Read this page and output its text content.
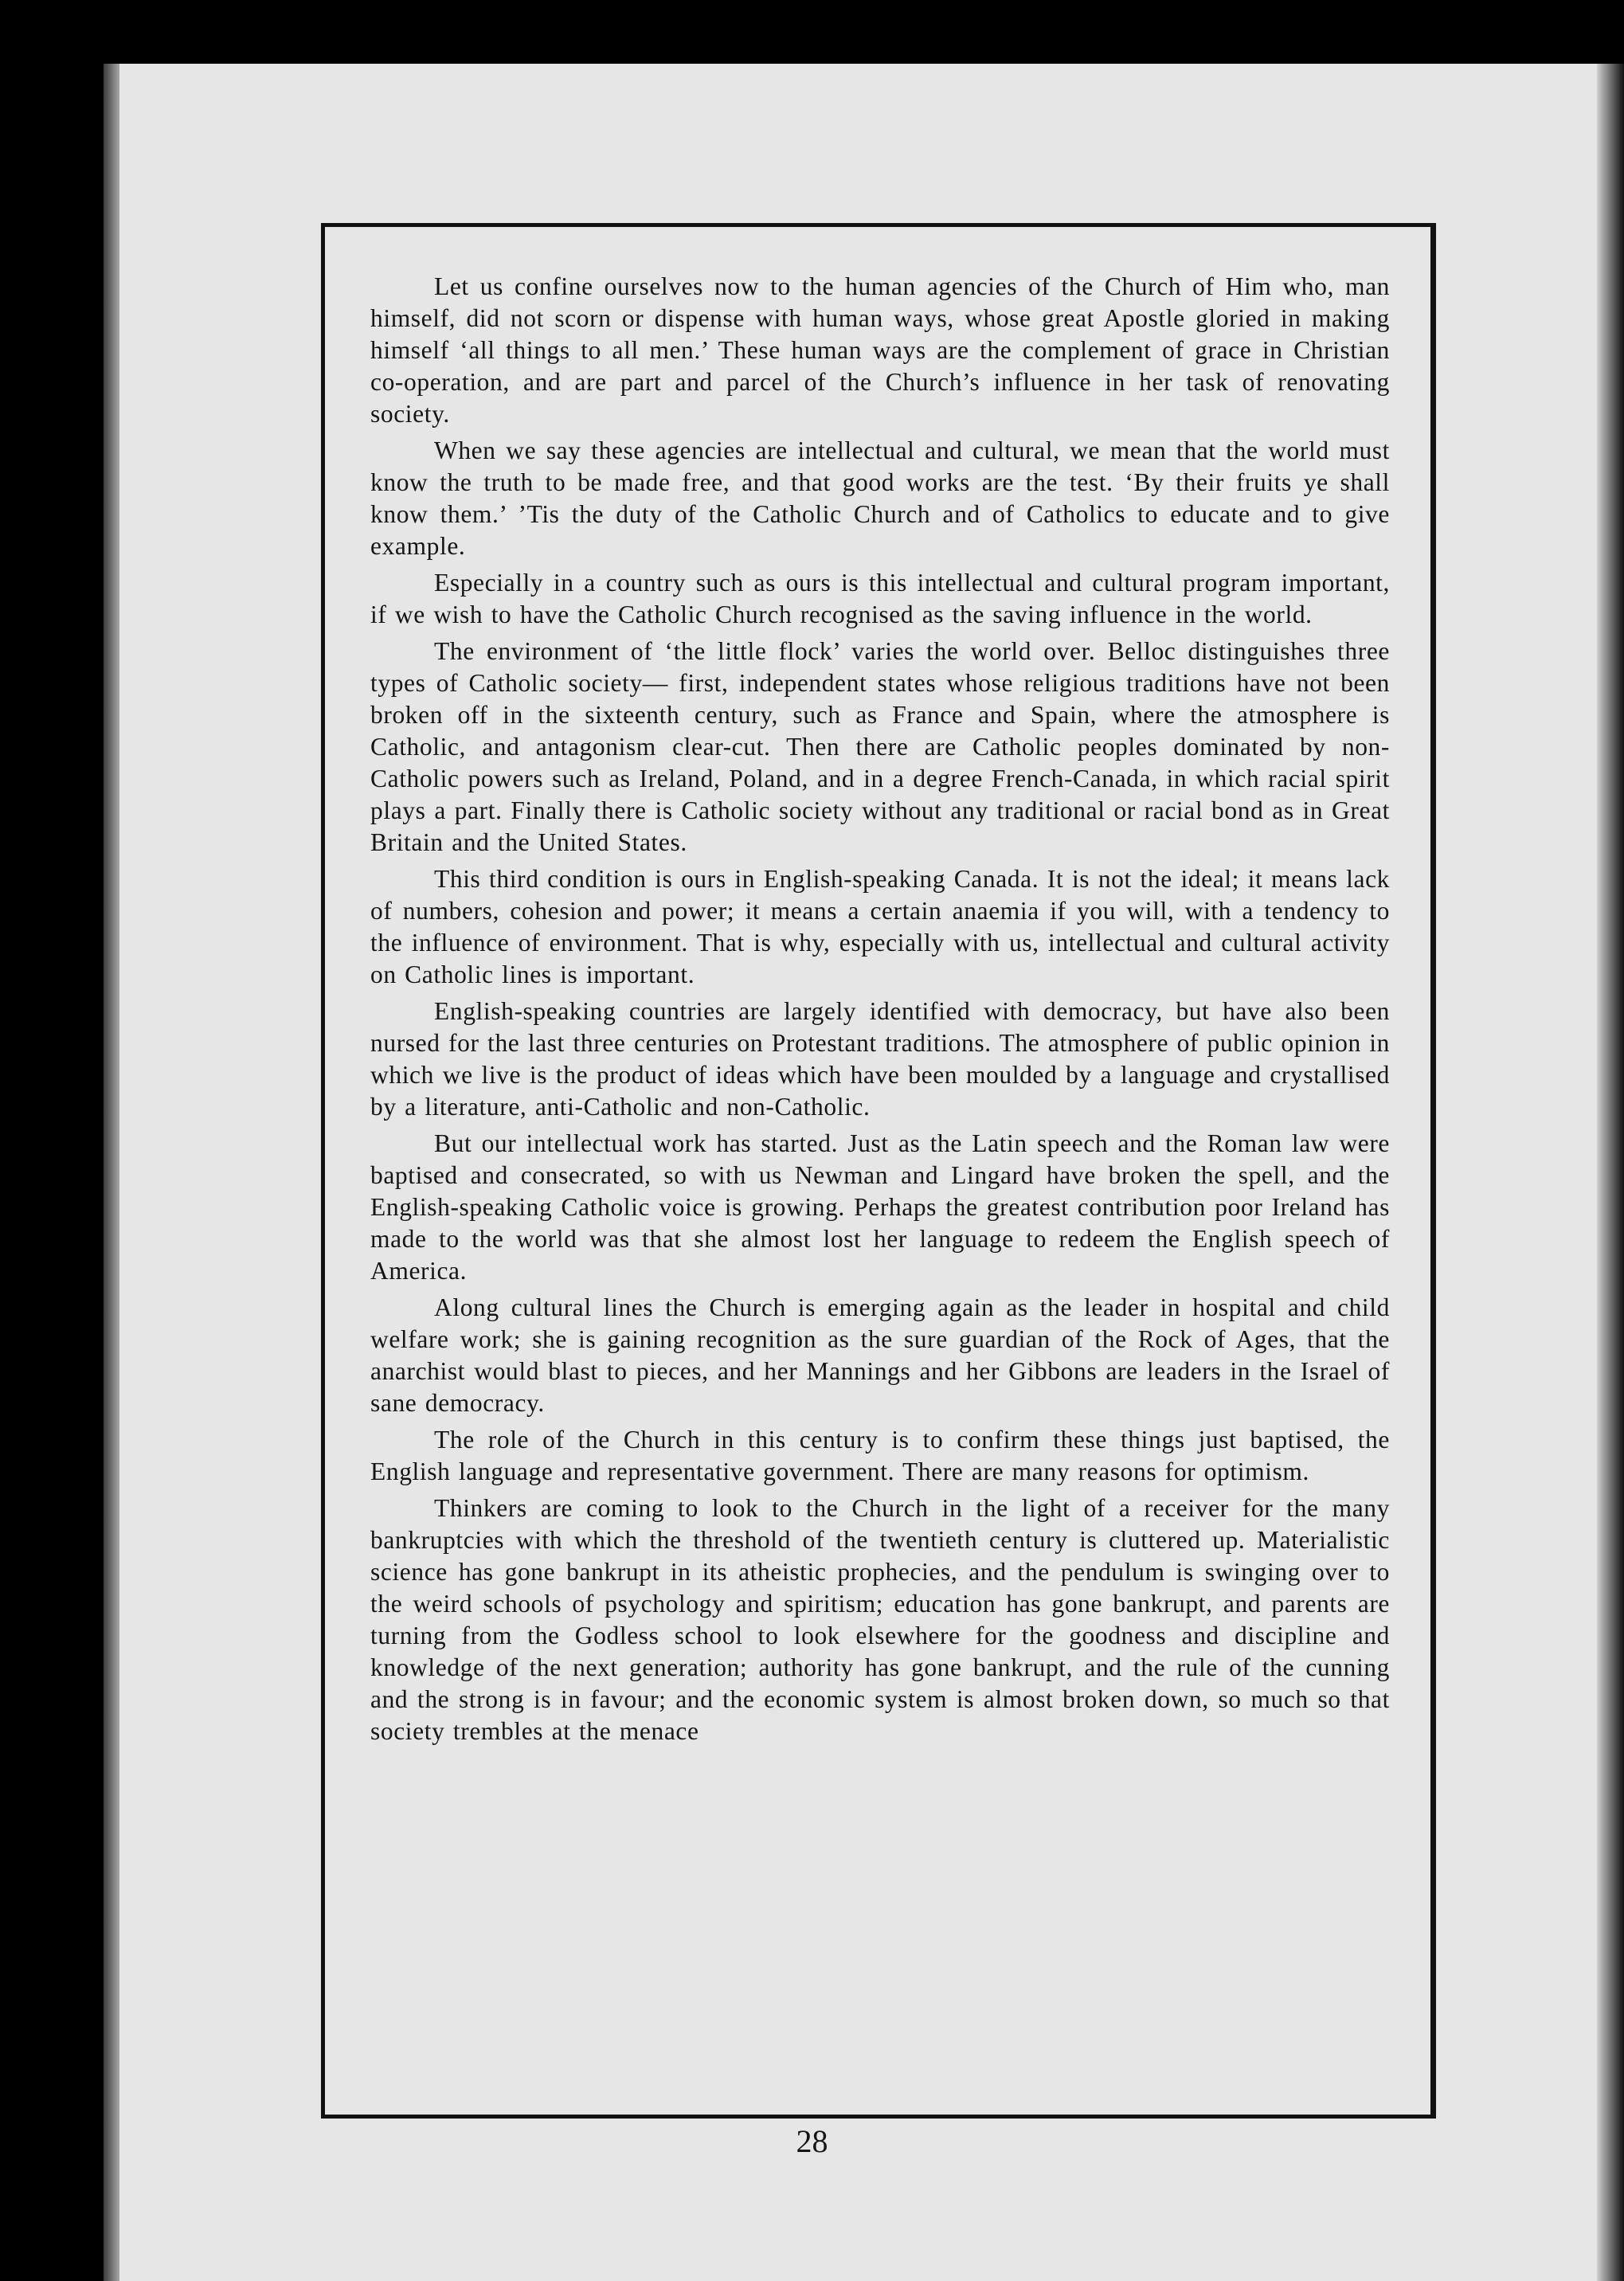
Let us confine ourselves now to the human agencies of the Church of Him who, man himself, did not scorn or dispense with human ways, whose great Apostle gloried in making himself ‘all things to all men.’ These human ways are the complement of grace in Christian co-operation, and are part and parcel of the Church’s influence in her task of renovating society.

When we say these agencies are intellectual and cultural, we mean that the world must know the truth to be made free, and that good works are the test. ‘By their fruits ye shall know them.’ ’Tis the duty of the Catholic Church and of Catholics to educate and to give example.

Especially in a country such as ours is this intellectual and cultural program important, if we wish to have the Catholic Church recognised as the saving influence in the world.

The environment of ‘the little flock’ varies the world over. Belloc distinguishes three types of Catholic society— first, independent states whose religious traditions have not been broken off in the sixteenth century, such as France and Spain, where the atmosphere is Catholic, and antagonism clear-cut. Then there are Catholic peoples dominated by non-Catholic powers such as Ireland, Poland, and in a degree French-Canada, in which racial spirit plays a part. Finally there is Catholic society without any traditional or racial bond as in Great Britain and the United States.

This third condition is ours in English-speaking Canada. It is not the ideal; it means lack of numbers, cohesion and power; it means a certain anaemia if you will, with a tendency to the influence of environment. That is why, especially with us, intellectual and cultural activity on Catholic lines is important.

English-speaking countries are largely identified with democracy, but have also been nursed for the last three centuries on Protestant traditions. The atmosphere of public opinion in which we live is the product of ideas which have been moulded by a language and crystallised by a literature, anti-Catholic and non-Catholic.

But our intellectual work has started. Just as the Latin speech and the Roman law were baptised and consecrated, so with us Newman and Lingard have broken the spell, and the English-speaking Catholic voice is growing. Perhaps the greatest contribution poor Ireland has made to the world was that she almost lost her language to redeem the English speech of America.

Along cultural lines the Church is emerging again as the leader in hospital and child welfare work; she is gaining recognition as the sure guardian of the Rock of Ages, that the anarchist would blast to pieces, and her Mannings and her Gibbons are leaders in the Israel of sane democracy.

The role of the Church in this century is to confirm these things just baptised, the English language and representative government. There are many reasons for optimism.

Thinkers are coming to look to the Church in the light of a receiver for the many bankruptcies with which the threshold of the twentieth century is cluttered up. Materialistic science has gone bankrupt in its atheistic prophecies, and the pendulum is swinging over to the weird schools of psychology and spiritism; education has gone bankrupt, and parents are turning from the Godless school to look elsewhere for the goodness and discipline and knowledge of the next generation; authority has gone bankrupt, and the rule of the cunning and the strong is in favour; and the economic system is almost broken down, so much so that society trembles at the menace

28
